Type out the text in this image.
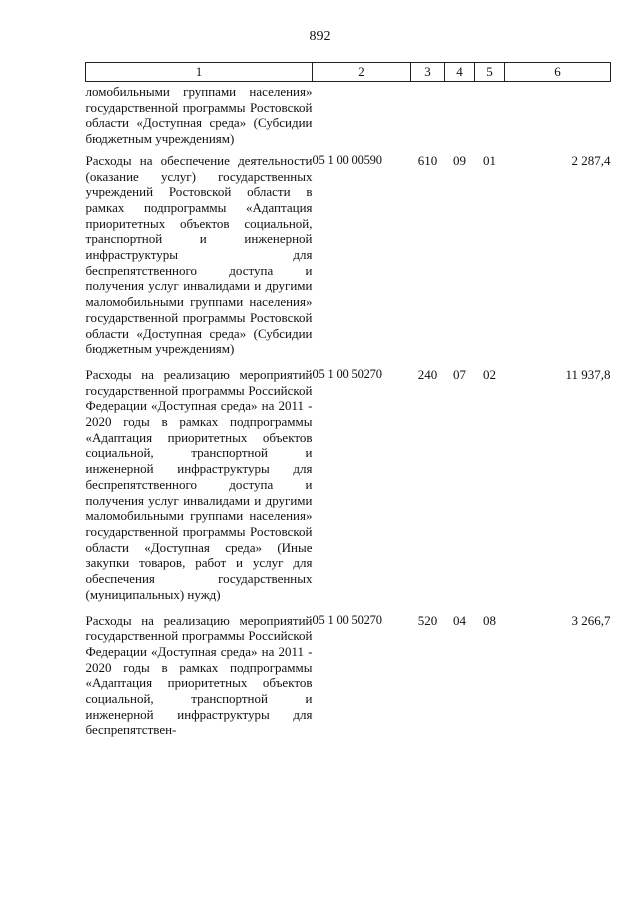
892
1	2	3	4	5	6
ломобильными группами населения» государственной программы Ростовской области «Доступная среда» (Субсидии бюджетным учреждениям)					
Расходы на обеспечение деятельности (оказание услуг) государственных учреждений Ростовской области в рамках подпрограммы «Адаптация приоритетных объектов социальной, транспортной и инженерной инфраструктуры для беспрепятственного доступа и получения услуг инвалидами и другими маломобильными группами населения» государственной программы Ростовской области «Доступная среда» (Субсидии бюджетным учреждениям)	05 1 00 00590	610	09	01	2 287,4
Расходы на реализацию мероприятий государственной программы Российской Федерации «Доступная среда» на 2011 - 2020 годы в рамках подпрограммы «Адаптация приоритетных объектов социальной, транспортной и инженерной инфраструктуры для беспрепятственного доступа и получения услуг инвалидами и другими маломобильными группами населения» государственной программы Ростовской области «Доступная среда» (Иные закупки товаров, работ и услуг для обеспечения государственных (муниципальных) нужд)	05 1 00 50270	240	07	02	11 937,8
Расходы на реализацию мероприятий государственной программы Российской Федерации «Доступная среда» на 2011 - 2020 годы в рамках подпрограммы «Адаптация приоритетных объектов социальной, транспортной и инженерной инфраструктуры для беспрепятствен-	05 1 00 50270	520	04	08	3 266,7
